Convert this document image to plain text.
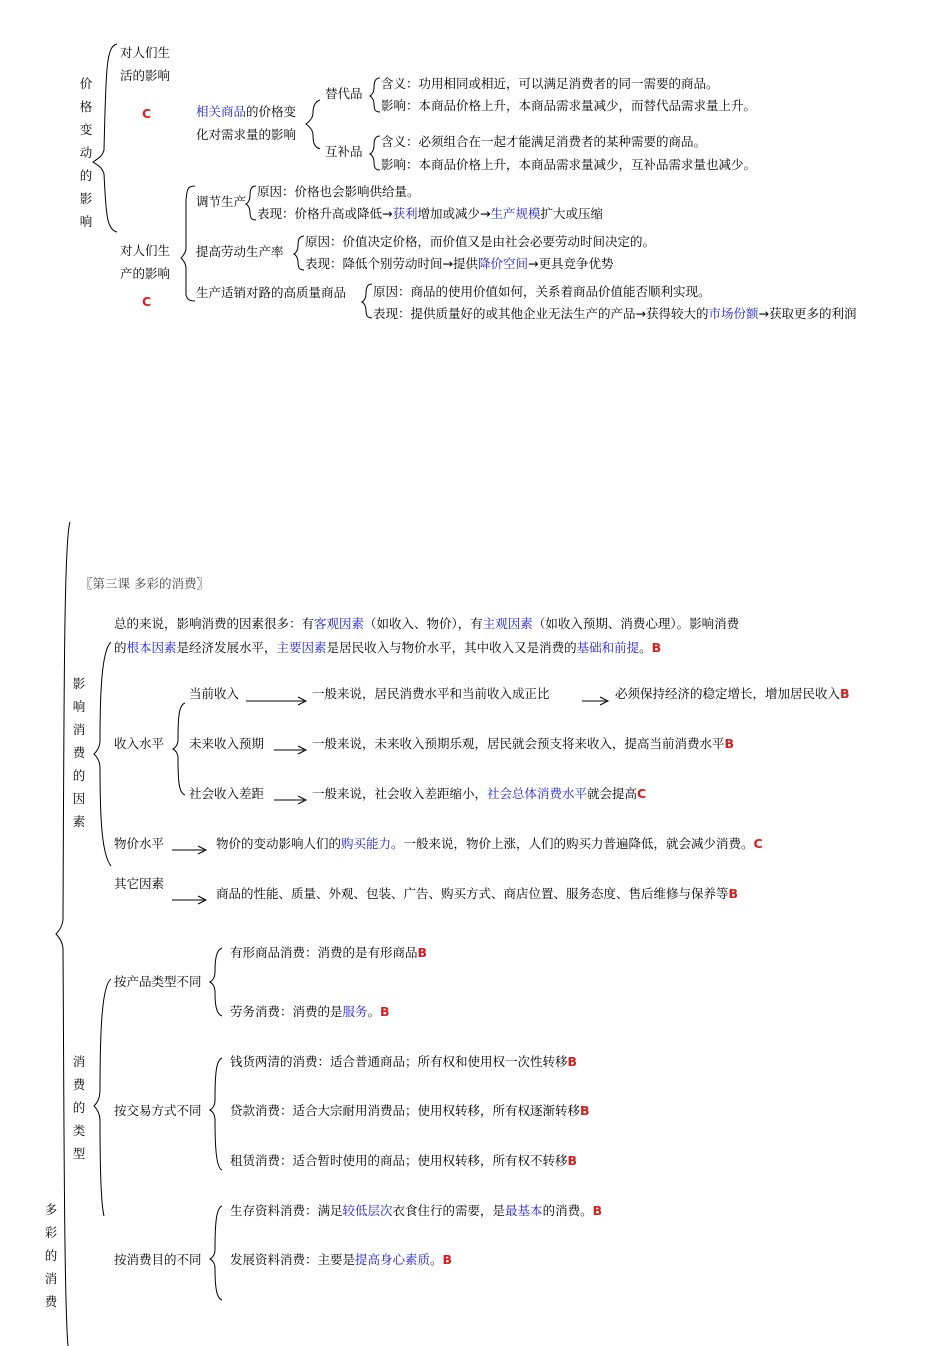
价格变动的影响
对人们生
活的影响
C	相关商品的价格变
化对需求量的影响
替代品
含义：功用相同或相近，可以满足消费者的同一需要的商品。
影响：本商品价格上升，本商品需求量减少，而替代品需求量上升。
互补品
含义：必须组合在一起才能满足消费者的某种需要的商品。
影响：本商品价格上升，本商品需求量减少，互补品需求量也减少。
对人们生
产的影响
C
调节生产
原因：价格也会影响供给量。
表现：价格升高或降低→获利增加或减少→生产规模扩大或压缩
提高劳动生产率
原因：价值决定价格，而价值又是由社会必要劳动时间决定的。
表现：降低个别劳动时间→提供降价空间→更具竞争优势
生产适销对路的高质量商品 原因：商品的使用价值如何，关系着商品价值能否顺利实现。
表现：提供质量好的或其他企业无法生产的产品→获得较大的市场份额→获取更多的利润
〖第三课 多彩的消费〗
总的来说，影响消费的因素很多：有客观因素（如收入、物价），有主观因素（如收入预期、消费心理）。影响消费
的根本因素是经济发展水平，主要因素是居民收入与物价水平，其中收入又是消费的基础和前提。B
影响消费的因素
收入水平
当前收入	一般来说，居民消费水平和当前收入成正比	必须保持经济的稳定增长，增加居民收入B
未来收入预期	一般来说，未来收入预期乐观，居民就会预支将来收入，提高当前消费水平B
社会收入差距	一般来说，社会收入差距缩小，社会总体消费水平就会提高C
物价水平	物价的变动影响人们的购买能力。一般来说，物价上涨，人们的购买力普遍降低，就会减少消费。C
其它因素
商品的性能、质量、外观、包装、广告、购买方式、商店位置、服务态度、售后维修与保养等B
消费的类型
按产品类型不同
有形商品消费：消费的是有形商品B
劳务消费：消费的是服务。B
按交易方式不同
钱货两清的消费：适合普通商品；所有权和使用权一次性转移B
贷款消费：适合大宗耐用消费品；使用权转移，所有权逐渐转移B
租赁消费：适合暂时使用的商品；使用权转移，所有权不转移B
多彩的消费
按消费目的不同
生存资料消费：满足较低层次衣食住行的需要，是最基本的消费。B
发展资料消费：主要是提高身心素质。B
